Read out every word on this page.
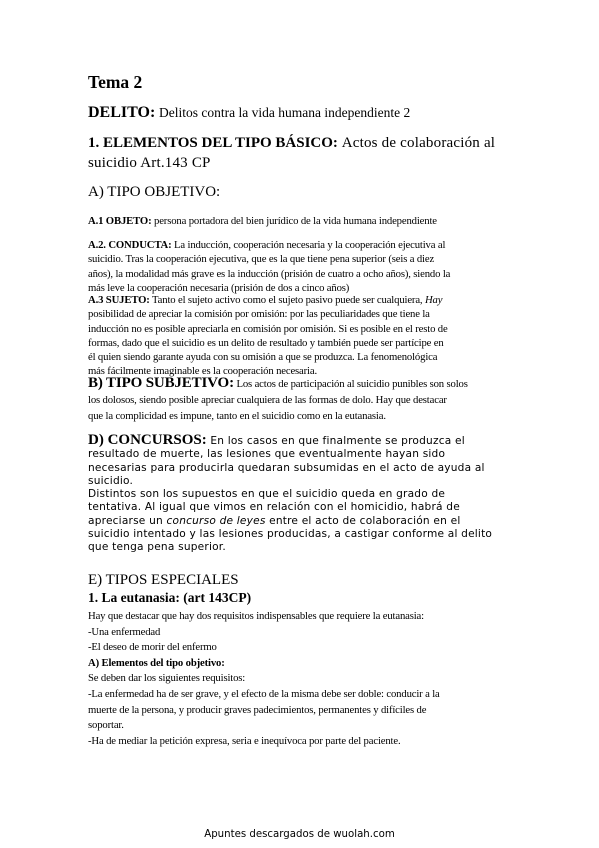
Tema 2
DELITO: Delitos contra la vida humana independiente 2
1. ELEMENTOS DEL TIPO BÁSICO: Actos de colaboración al
suicidio Art.143 CP
A) TIPO OBJETIVO:
A.1 OBJETO: persona portadora del bien jurídico de la vida humana independiente
A.2. CONDUCTA: La inducción, cooperación necesaria y la cooperación ejecutiva al
suicidio. Tras la cooperación ejecutiva, que es la que tiene pena superior (seis a diez
años), la modalidad más grave es la inducción (prisión de cuatro a ocho años), siendo la
más leve la cooperación necesaria (prisión de dos a cinco años)
A.3 SUJETO: Tanto el sujeto activo como el sujeto pasivo puede ser cualquiera, Hay
posibilidad de apreciar la comisión por omisión: por las peculiaridades que tiene la
inducción no es posible apreciarla en comisión por omisión. Si es posible en el resto de
formas, dado que el suicidio es un delito de resultado y también puede ser partícipe en
él quien siendo garante ayuda con su omisión a que se produzca. La fenomenológica
más fácilmente imaginable es la cooperación necesaria.
B) TIPO SUBJETIVO: Los actos de participación al suicidio punibles son solos
los dolosos, siendo posible apreciar cualquiera de las formas de dolo. Hay que destacar
que la complicidad es impune, tanto en el suicidio como en la eutanasia.
D) CONCURSOS: En los casos en que finalmente se produzca el
resultado de muerte, las lesiones que eventualmente hayan sido
necesarias para producirla quedaran subsumidas en el acto de ayuda al
suicidio.
Distintos son los supuestos en que el suicidio queda en grado de
tentativa. Al igual que vimos en relación con el homicidio, habrá de
apreciarse un concurso de leyes entre el acto de colaboración en el
suicidio intentado y las lesiones producidas, a castigar conforme al delito
que tenga pena superior.
E) TIPOS ESPECIALES
1. La eutanasia: (art 143CP)
Hay que destacar que hay dos requisitos indispensables que requiere la eutanasia:
-Una enfermedad
-El deseo de morir del enfermo
A) Elementos del tipo objetivo:
Se deben dar los siguientes requisitos:
-La enfermedad ha de ser grave, y el efecto de la misma debe ser doble: conducir a la
muerte de la persona, y producir graves padecimientos, permanentes y difíciles de
soportar.
-Ha de mediar la petición expresa, seria e inequívoca por parte del paciente.
Apuntes descargados de wuolah.com
